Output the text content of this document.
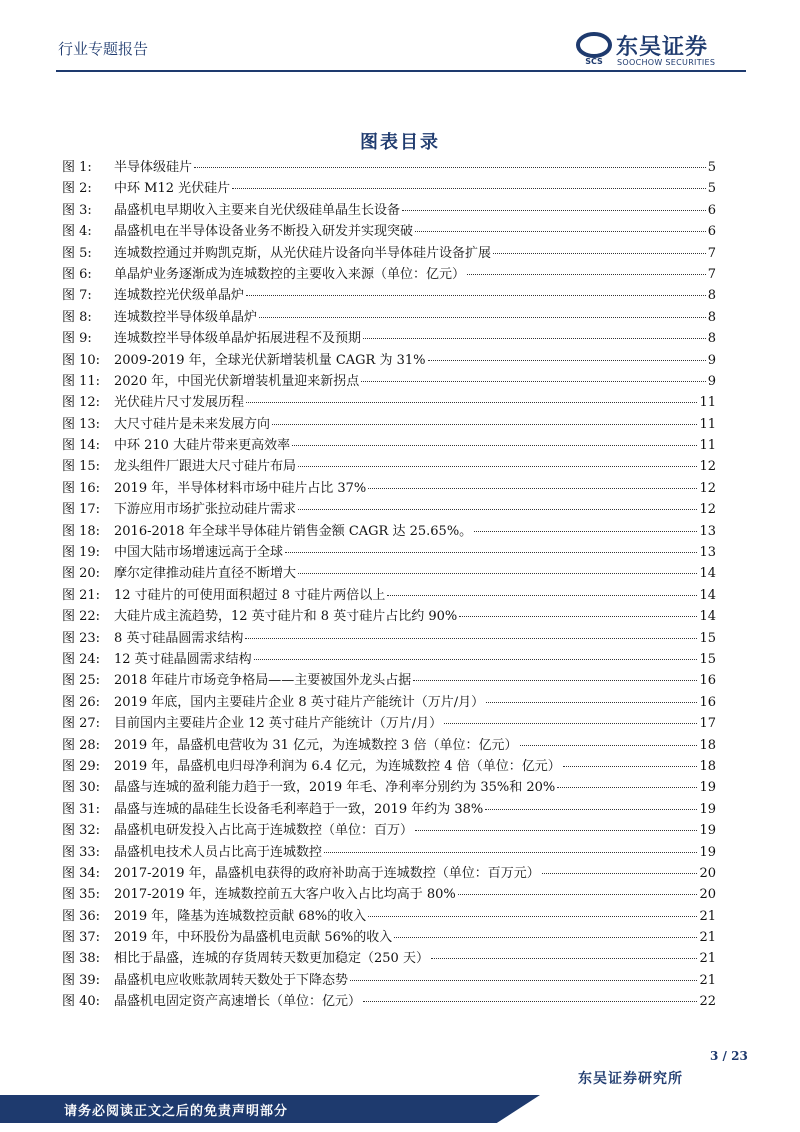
行业专题报告
SCS
东吴证券
SOOCHOW SECURITIES
图表目录
图 1:	半导体级硅片	5
图 2:	中环 M12 光伏硅片	5
图 3:	晶盛机电早期收入主要来自光伏级硅单晶生长设备	6
图 4:	晶盛机电在半导体设备业务不断投入研发并实现突破	6
图 5:	连城数控通过并购凯克斯，从光伏硅片设备向半导体硅片设备扩展	7
图 6:	单晶炉业务逐渐成为连城数控的主要收入来源（单位：亿元）	7
图 7:	连城数控光伏级单晶炉	8
图 8:	连城数控半导体级单晶炉	8
图 9:	连城数控半导体级单晶炉拓展进程不及预期	8
图 10:	2009-2019 年，全球光伏新增装机量 CAGR 为 31%	9
图 11:	2020 年，中国光伏新增装机量迎来新拐点	9
图 12:	光伏硅片尺寸发展历程	11
图 13:	大尺寸硅片是未来发展方向	11
图 14:	中环 210 大硅片带来更高效率	11
图 15:	龙头组件厂跟进大尺寸硅片布局	12
图 16:	2019 年，半导体材料市场中硅片占比 37%	12
图 17:	下游应用市场扩张拉动硅片需求	12
图 18:	2016-2018 年全球半导体硅片销售金额 CAGR 达 25.65%。	13
图 19:	中国大陆市场增速远高于全球	13
图 20:	摩尔定律推动硅片直径不断增大	14
图 21:	12 寸硅片的可使用面积超过 8 寸硅片两倍以上	14
图 22:	大硅片成主流趋势，12 英寸硅片和 8 英寸硅片占比约 90%	14
图 23:	8 英寸硅晶圆需求结构	15
图 24:	12 英寸硅晶圆需求结构	15
图 25:	2018 年硅片市场竞争格局——主要被国外龙头占据	16
图 26:	2019 年底，国内主要硅片企业 8 英寸硅片产能统计（万片/月）	16
图 27:	目前国内主要硅片企业 12 英寸硅片产能统计（万片/月）	17
图 28:	2019 年，晶盛机电营收为 31 亿元，为连城数控 3 倍（单位：亿元）	18
图 29:	2019 年，晶盛机电归母净利润为 6.4 亿元，为连城数控 4 倍（单位：亿元）	18
图 30:	晶盛与连城的盈利能力趋于一致，2019 年毛、净利率分别约为 35%和 20%	19
图 31:	晶盛与连城的晶硅生长设备毛利率趋于一致，2019 年约为 38%	19
图 32:	晶盛机电研发投入占比高于连城数控（单位：百万）	19
图 33:	晶盛机电技术人员占比高于连城数控	19
图 34:	2017-2019 年，晶盛机电获得的政府补助高于连城数控（单位：百万元）	20
图 35:	2017-2019 年，连城数控前五大客户收入占比均高于 80%	20
图 36:	2019 年，隆基为连城数控贡献 68%的收入	21
图 37:	2019 年，中环股份为晶盛机电贡献 56%的收入	21
图 38:	相比于晶盛，连城的存货周转天数更加稳定（250 天）	21
图 39:	晶盛机电应收账款周转天数处于下降态势	21
图 40:	晶盛机电固定资产高速增长（单位：亿元）	22
3 / 23
东吴证券研究所
请务必阅读正文之后的免责声明部分
